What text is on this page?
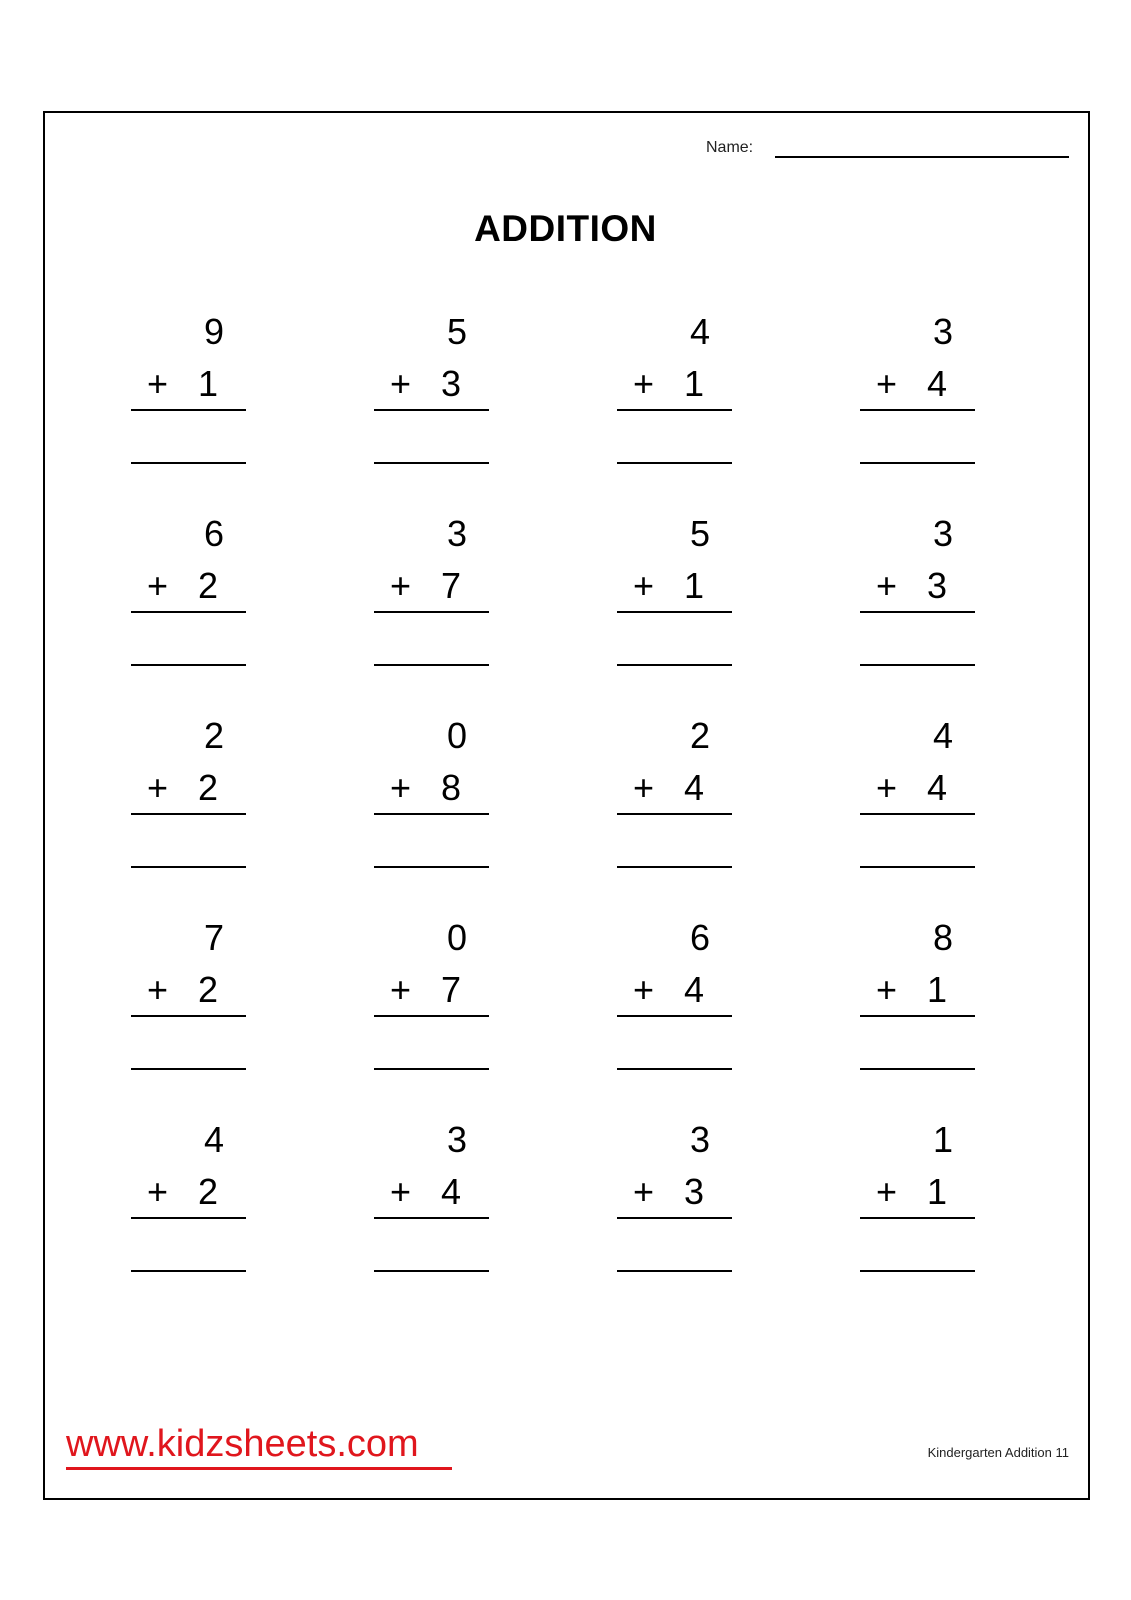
Name:
ADDITION
9
+ 1
5
+ 3
4
+ 1
3
+ 4
6
+ 2
3
+ 7
5
+ 1
3
+ 3
2
+ 2
0
+ 8
2
+ 4
4
+ 4
7
+ 2
0
+ 7
6
+ 4
8
+ 1
4
+ 2
3
+ 4
3
+ 3
1
+ 1
www.kidzsheets.com	Kindergarten Addition 11
